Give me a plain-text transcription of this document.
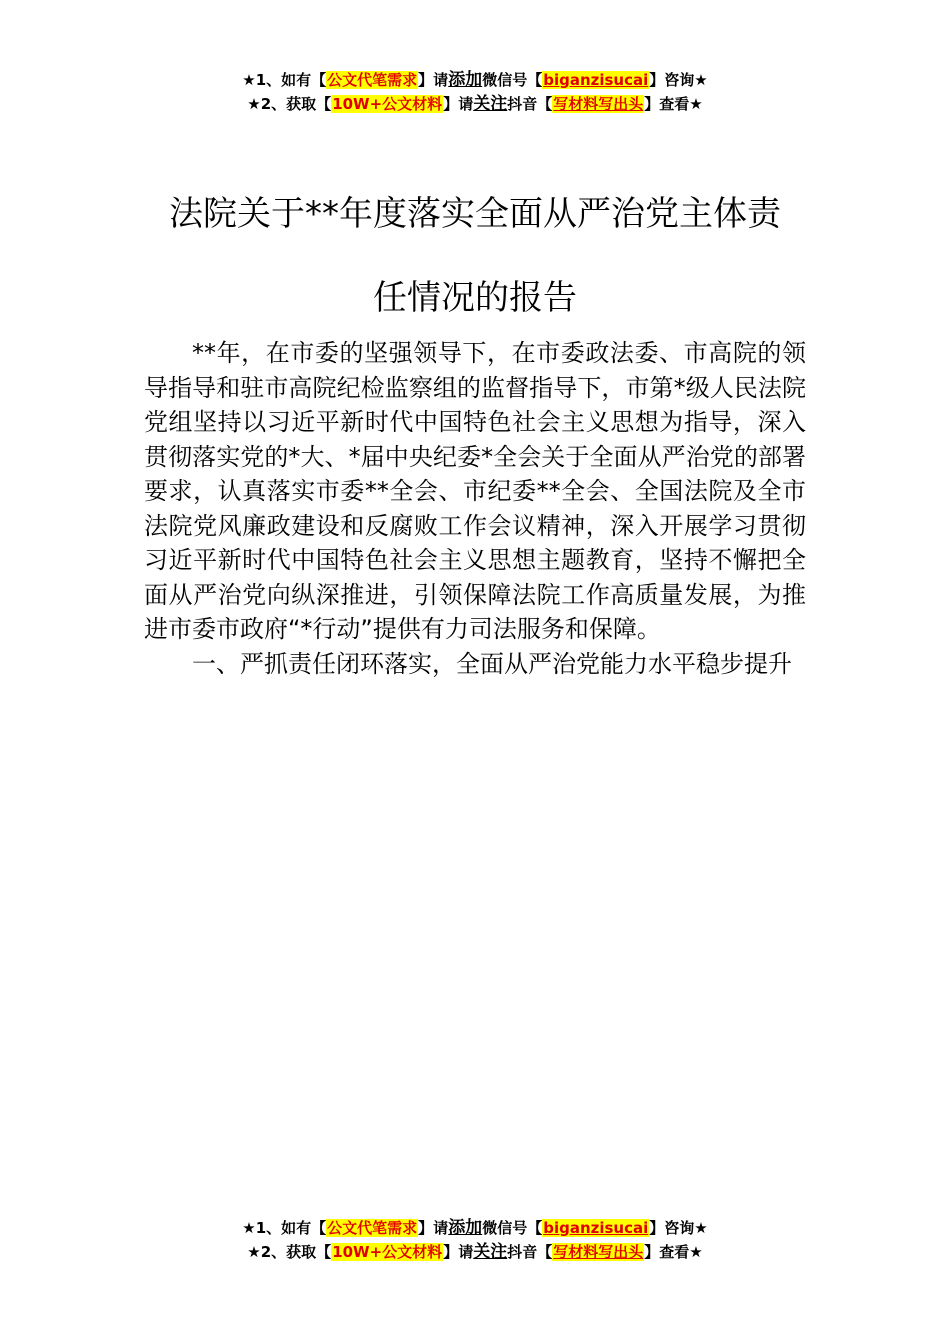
★1、如有【公文代笔需求】请添加微信号【biganzisucai】咨询★
★2、获取【10W+公文材料】请关注抖音【写材料写出头】查看★
法院关于**年度落实全面从严治党主体责
任情况的报告

**年，在市委的坚强领导下，在市委政法委、市高院的领导指导和驻市高院纪检监察组的监督指导下，市第*级人民法院党组坚持以习近平新时代中国特色社会主义思想为指导，深入贯彻落实党的*大、*届中央纪委*全会关于全面从严治党的部署要求，认真落实市委**全会、市纪委**全会、全国法院及全市法院党风廉政建设和反腐败工作会议精神，深入开展学习贯彻习近平新时代中国特色社会主义思想主题教育，坚持不懈把全面从严治党向纵深推进，引领保障法院工作高质量发展，为推进市委市政府“*行动”提供有力司法服务和保障。

一、严抓责任闭环落实，全面从严治党能力水平稳步提升

★1、如有【公文代笔需求】请添加微信号【biganzisucai】咨询★
★2、获取【10W+公文材料】请关注抖音【写材料写出头】查看★
